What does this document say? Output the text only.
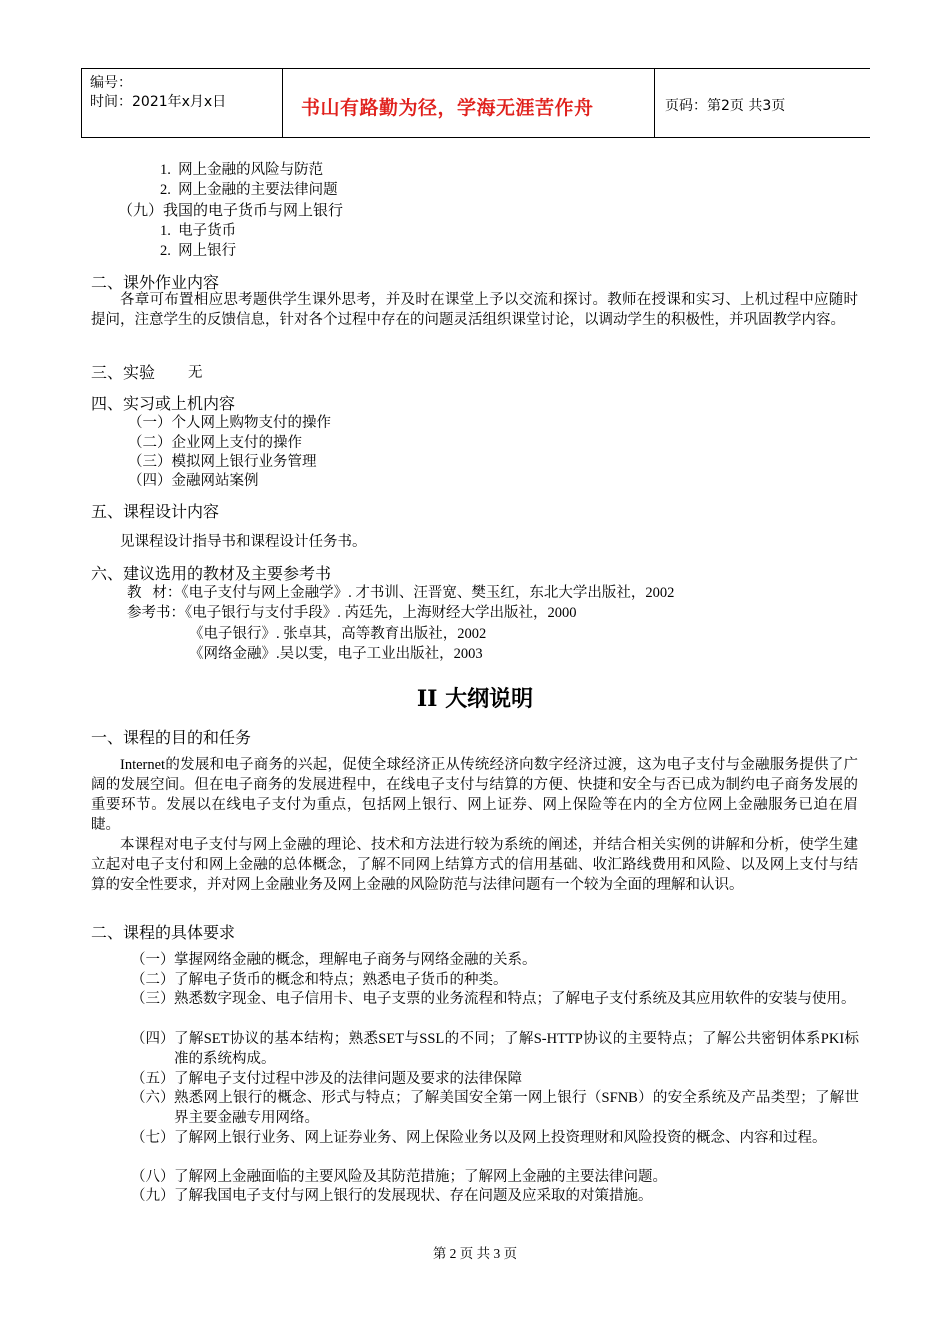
编号：
时间：2021年x月x日	书山有路勤为径，学海无涯苦作舟	页码：第2页 共3页
1.  网上金融的风险与防范
2.  网上金融的主要法律问题
（九）我国的电子货币与网上银行
1.  电子货币
2.  网上银行
二、课外作业内容
各章可布置相应思考题供学生课外思考，并及时在课堂上予以交流和探讨。教师在授课和实习、上机过程中应随时提问，注意学生的反馈信息，针对各个过程中存在的问题灵活组织课堂讨论，以调动学生的积极性，并巩固教学内容。
三、实验 无
四、实习或上机内容
（一）个人网上购物支付的操作
（二）企业网上支付的操作
（三）模拟网上银行业务管理
（四）金融网站案例
五、课程设计内容
见课程设计指导书和课程设计任务书。
六、建议选用的教材及主要参考书
教   材：《电子支付与网上金融学》. 才书训、汪晋宽、樊玉红，东北大学出版社，2002
参考书：《电子银行与支付手段》. 芮廷先，上海财经大学出版社，2000
《电子银行》. 张卓其，高等教育出版社，2002
《网络金融》.吴以雯，电子工业出版社，2003
II 大纲说明
一、课程的目的和任务
Internet的发展和电子商务的兴起，促使全球经济正从传统经济向数字经济过渡，这为电子支付与金融服务提供了广阔的发展空间。但在电子商务的发展进程中，在线电子支付与结算的方便、快捷和安全与否已成为制约电子商务发展的重要环节。发展以在线电子支付为重点，包括网上银行、网上证券、网上保险等在内的全方位网上金融服务已迫在眉睫。
本课程对电子支付与网上金融的理论、技术和方法进行较为系统的阐述，并结合相关实例的讲解和分析，使学生建立起对电子支付和网上金融的总体概念，了解不同网上结算方式的信用基础、收汇路线费用和风险、以及网上支付与结算的安全性要求，并对网上金融业务及网上金融的风险防范与法律问题有一个较为全面的理解和认识。
二、课程的具体要求
（一） 掌握网络金融的概念，理解电子商务与网络金融的关系。
（二） 了解电子货币的概念和特点；熟悉电子货币的种类。
（三） 熟悉数字现金、电子信用卡、电子支票的业务流程和特点；了解电子支付系统及其应用软件的安装与使用。
（四） 了解SET协议的基本结构；熟悉SET与SSL的不同；了解S-HTTP协议的主要特点；了解公共密钥体系PKI标准的系统构成。
（五） 了解电子支付过程中涉及的法律问题及要求的法律保障
（六） 熟悉网上银行的概念、形式与特点；了解美国安全第一网上银行（SFNB）的安全系统及产品类型；了解世界主要金融专用网络。
（七） 了解网上银行业务、网上证券业务、网上保险业务以及网上投资理财和风险投资的概念、内容和过程。
（八） 了解网上金融面临的主要风险及其防范措施；了解网上金融的主要法律问题。
（九） 了解我国电子支付与网上银行的发展现状、存在问题及应采取的对策措施。
第 2 页 共 3 页
